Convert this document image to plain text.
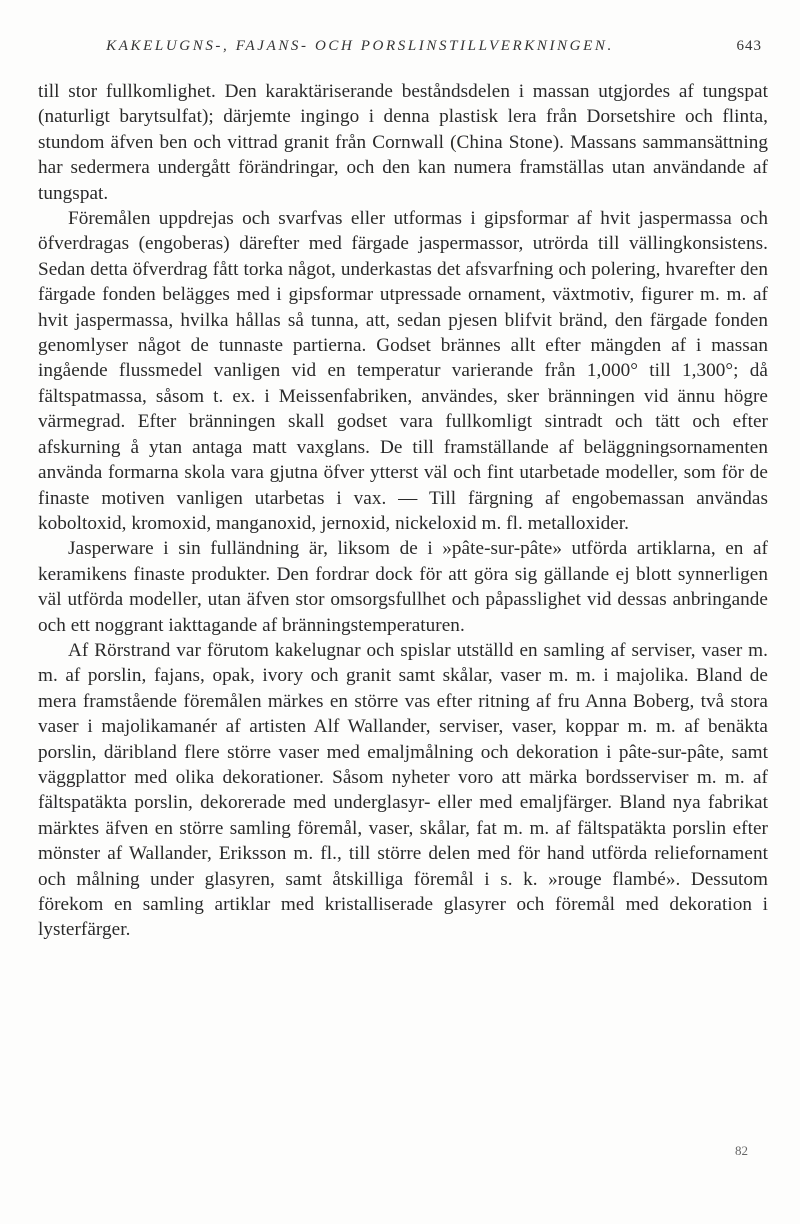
KAKELUGNS-, FAJANS- OCH PORSLINSTILLVERKNINGEN.	643

till stor fullkomlighet. Den karaktäriserande beståndsdelen i massan utgjordes af tungspat (naturligt barytsulfat); därjemte ingingo i denna plastisk lera från Dorsetshire och flinta, stundom äfven ben och vittrad granit från Cornwall (China Stone). Massans sammansättning har sedermera undergått förändringar, och den kan numera framställas utan användande af tungspat.

Föremålen uppdrejas och svarfvas eller utformas i gipsformar af hvit jaspermassa och öfverdragas (engoberas) därefter med färgade jaspermassor, utrörda till vällingkonsistens. Sedan detta öfverdrag fått torka något, underkastas det afsvarfning och polering, hvarefter den färgade fonden belägges med i gipsformar utpressade ornament, växtmotiv, figurer m. m. af hvit jaspermassa, hvilka hållas så tunna, att, sedan pjesen blifvit bränd, den färgade fonden genomlyser något de tunnaste partierna. Godset brännes allt efter mängden af i massan ingående flussmedel vanligen vid en temperatur varierande från 1,000° till 1,300°; då fältspatmassa, såsom t. ex. i Meissenfabriken, användes, sker bränningen vid ännu högre värmegrad. Efter bränningen skall godset vara fullkomligt sintradt och tätt och efter afskurning å ytan antaga matt vaxglans. De till framställande af beläggningsornamenten använda formarna skola vara gjutna öfver ytterst väl och fint utarbetade modeller, som för de finaste motiven vanligen utarbetas i vax. — Till färgning af engobemassan användas koboltoxid, kromoxid, manganoxid, jernoxid, nickeloxid m. fl. metalloxider.

Jasperware i sin fulländning är, liksom de i »pâte-sur-pâte» utförda artiklarna, en af keramikens finaste produkter. Den fordrar dock för att göra sig gällande ej blott synnerligen väl utförda modeller, utan äfven stor omsorgsfullhet och påpasslighet vid dessas anbringande och ett noggrant iakttagande af bränningstemperaturen.

Af Rörstrand var förutom kakelugnar och spislar utställd en samling af serviser, vaser m. m. af porslin, fajans, opak, ivory och granit samt skålar, vaser m. m. i majolika. Bland de mera framstående föremålen märkes en större vas efter ritning af fru Anna Boberg, två stora vaser i majolikamanér af artisten Alf Wallander, serviser, vaser, koppar m. m. af benäkta porslin, däribland flere större vaser med emaljmålning och dekoration i pâte-sur-pâte, samt väggplattor med olika dekorationer. Såsom nyheter voro att märka bordsserviser m. m. af fältspatäkta porslin, dekorerade med underglasyr- eller med emaljfärger. Bland nya fabrikat märktes äfven en större samling föremål, vaser, skålar, fat m. m. af fältspatäkta porslin efter mönster af Wallander, Eriksson m. fl., till större delen med för hand utförda reliefornament och målning under glasyren, samt åtskilliga föremål i s. k. »rouge flambé». Dessutom förekom en samling artiklar med kristalliserade glasyrer och föremål med dekoration i lysterfärger.

82
